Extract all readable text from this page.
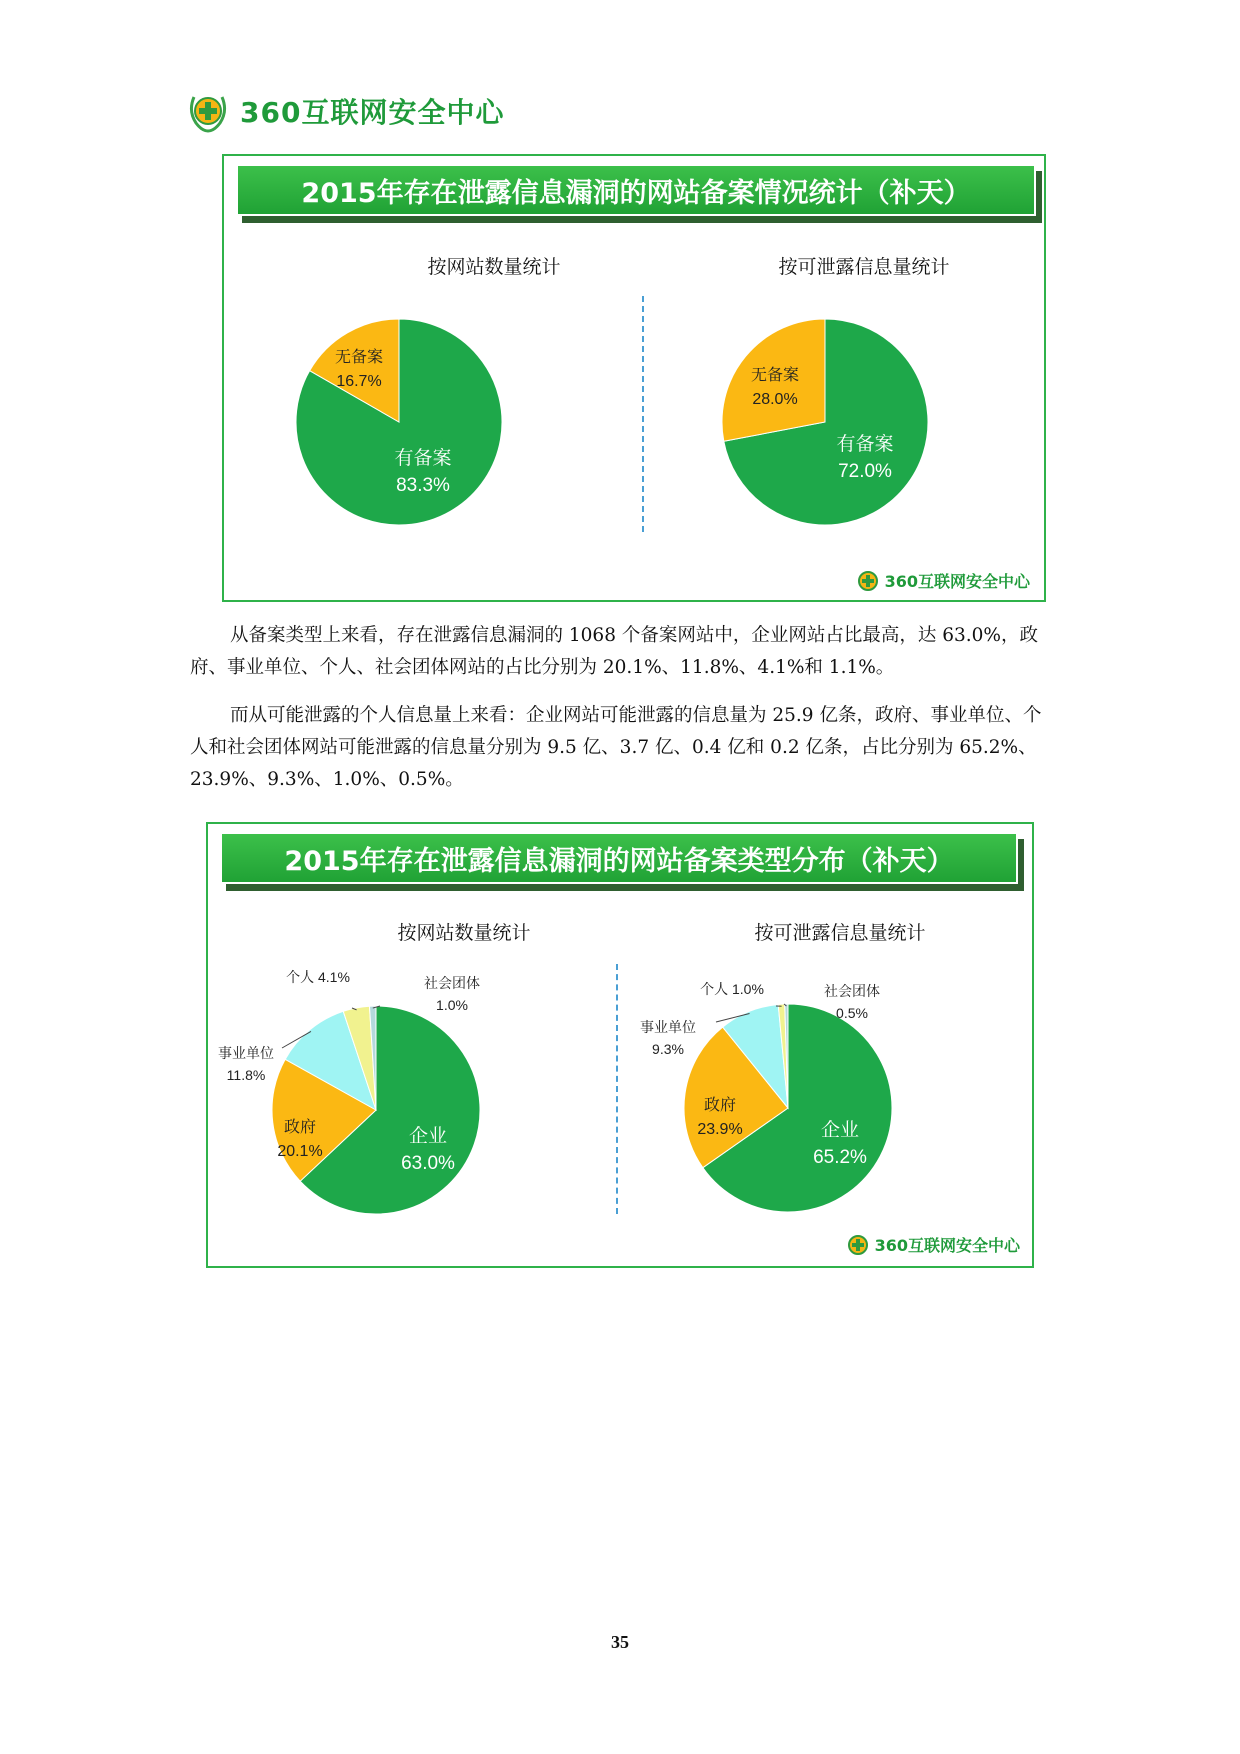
360互联网安全中心
2015年存在泄露信息漏洞的网站备案情况统计（补天）
按网站数量统计	按可泄露信息量统计
有备案
83.3%
无备案
16.7%
有备案
72.0%
无备案
28.0%
360互联网安全中心
从备案类型上来看，存在泄露信息漏洞的 1068 个备案网站中，企业网站占比最高，达 63.0%，政府、事业单位、个人、社会团体网站的占比分别为 20.1%、11.8%、4.1%和 1.1%。
而从可能泄露的个人信息量上来看：企业网站可能泄露的信息量为 25.9 亿条，政府、事业单位、个人和社会团体网站可能泄露的信息量分别为 9.5 亿、3.7 亿、0.4 亿和 0.2 亿条，占比分别为 65.2%、23.9%、9.3%、1.0%、0.5%。
2015年存在泄露信息漏洞的网站备案类型分布（补天）
按网站数量统计	按可泄露信息量统计
企业
63.0%
政府
20.1%
事业单位
11.8%
个人 4.1%	社会团体
1.0%
企业
65.2%
政府
23.9%
事业单位
9.3%
个人 1.0%	社会团体
0.5%
360互联网安全中心
35
